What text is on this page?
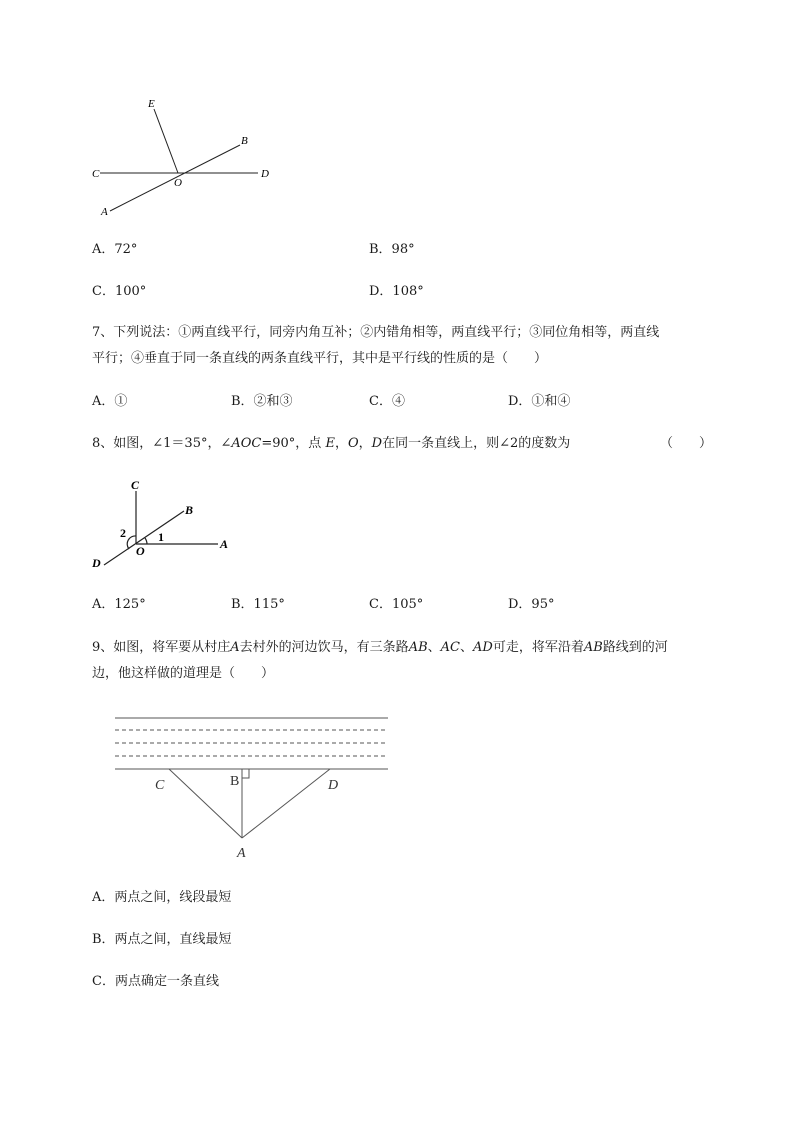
E
B
C
O
D
A
A．72°	B．98°
C．100°	D．108°
7、下列说法：①两直线平行，同旁内角互补；②内错角相等，两直线平行；③同位角相等，两直线
平行；④垂直于同一条直线的两条直线平行，其中是平行线的性质的是（　　）
A．①	B．②和③	C．④	D．①和④
8、如图，∠1＝35°，∠AOC=90°，点 E，O，D在同一条直线上，则∠2的度数为	（　　）
C
B
2	1
O	A
D
A．125°	B．115°	C．105°	D．95°
9、如图，将军要从村庄A去村外的河边饮马，有三条路AB、AC、AD可走，将军沿着AB路线到的河
边，他这样做的道理是（　　）
C	B	D
A
A．两点之间，线段最短
B．两点之间，直线最短
C．两点确定一条直线
